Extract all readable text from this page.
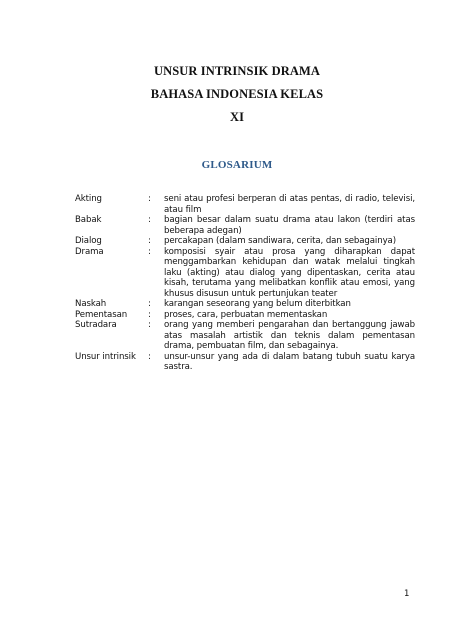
UNSUR INTRINSIK DRAMA
BAHASA INDONESIA KELAS
XI
GLOSARIUM
Akting	:	seni atau profesi berperan di atas pentas, di radio, televisi, atau film
Babak	:	bagian besar dalam suatu drama atau lakon (terdiri atas beberapa adegan)
Dialog	:	percakapan (dalam sandiwara, cerita, dan sebagainya)
Drama	:	komposisi syair atau prosa yang diharapkan dapat menggambarkan kehidupan dan watak melalui tingkah laku (akting) atau dialog yang dipentaskan, cerita atau kisah, terutama yang melibatkan konflik atau emosi, yang khusus disusun untuk pertunjukan teater
Naskah	:	karangan seseorang yang belum diterbitkan
Pementasan	:	proses, cara, perbuatan mementaskan
Sutradara	:	orang yang memberi pengarahan dan bertanggung jawab atas masalah artistik dan teknis dalam pementasan drama, pembuatan film, dan sebagainya.
Unsur intrinsik	:	unsur-unsur yang ada di dalam batang tubuh suatu karya sastra.
1
